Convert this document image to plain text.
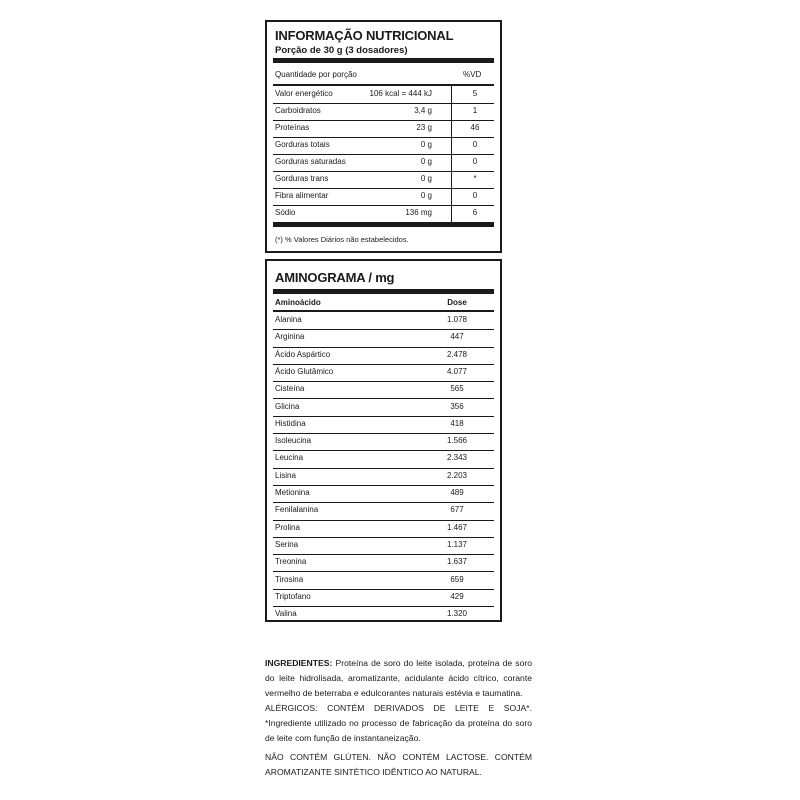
INFORMAÇÃO NUTRICIONAL
Porção de 30 g (3 dosadores)
Quantidade por porção	%VD
Valor energético	106 kcal = 444 kJ	5
Carboidratos	3,4 g	1
Proteínas	23 g	46
Gorduras totais	0 g	0
Gorduras saturadas	0 g	0
Gorduras trans	0 g	*
Fibra alimentar	0 g	0
Sódio	136 mg	6
(*) % Valores Diários não estabelecidos.
AMINOGRAMA / mg
Aminoácido	Dose
Alanina	1.078
Arginina	447
Ácido Aspártico	2.478
Ácido Glutâmico	4.077
Cisteína	565
Glicina	356
Histidina	418
Isoleucina	1.566
Leucina	2.343
Lisina	2.203
Metionina	489
Fenilalanina	677
Prolina	1.467
Serina	1.137
Treonina	1.637
Tirosina	659
Triptofano	429
Valina	1.320

INGREDIENTES: Proteína de soro do leite isolada, proteína de soro do leite hidrolisada, aromatizante, acidulante ácido cítrico, corante vermelho de beterraba e edulcorantes naturais estévia e taumatina.

ALÉRGICOS: CONTÉM DERIVADOS DE LEITE E SOJA*. *Ingrediente utilizado no processo de fabricação da proteína do soro de leite com função de instantaneização.

NÃO CONTÉM GLÚTEN. NÃO CONTÉM LACTOSE. CONTÉM AROMATIZANTE SINTÉTICO IDÊNTICO AO NATURAL.
